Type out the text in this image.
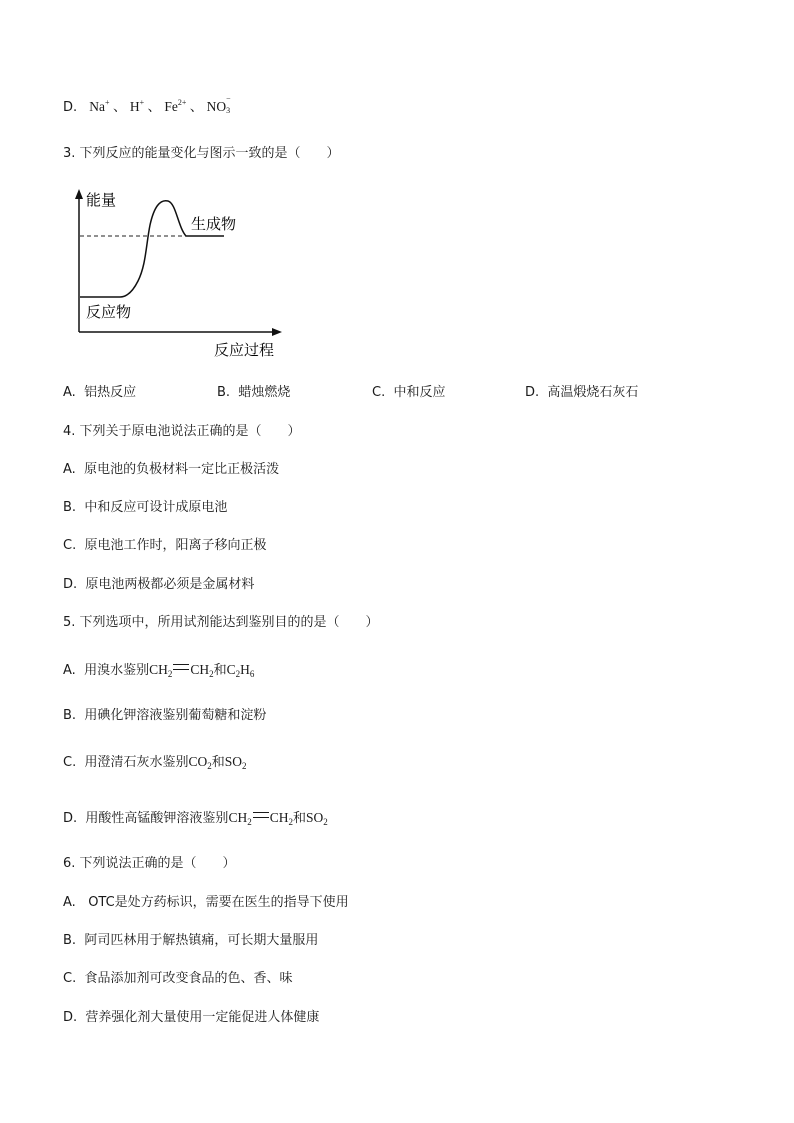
D. Na+ 、 H+ 、 $Fe^{2+}$ 、 NO
−
3
3. 下列反应的能量变化与图示一致的是（　　）
能量
生成物
反应物
反应过程
A. 铝热反应	B. 蜡烛燃烧	C. 中和反应	D. 高温煅烧石灰石
4. 下列关于原电池说法正确的是（　　）
A. 原电池的负极材料一定比正极活泼
B. 中和反应可设计成原电池
C. 原电池工作时，阳离子移向正极
D. 原电池两极都必须是金属材料
5. 下列选项中，所用试剂能达到鉴别目的的是（　　）
A. 用溴水鉴别$CH_2$ $CH_2$和$C_2H_6$
B. 用碘化钾溶液鉴别葡萄糖和淀粉
C. 用澄清石灰水鉴别$CO_2$和$SO_2$
D. 用酸性高锰酸钾溶液鉴别$CH_2$ $CH_2$和$SO_2$
6. 下列说法正确的是（　　）
A.   OTC是处方药标识，需要在医生的指导下使用
B. 阿司匹林用于解热镇痛，可长期大量服用
C. 食品添加剂可改变食品的色、香、味
D. 营养强化剂大量使用一定能促进人体健康
